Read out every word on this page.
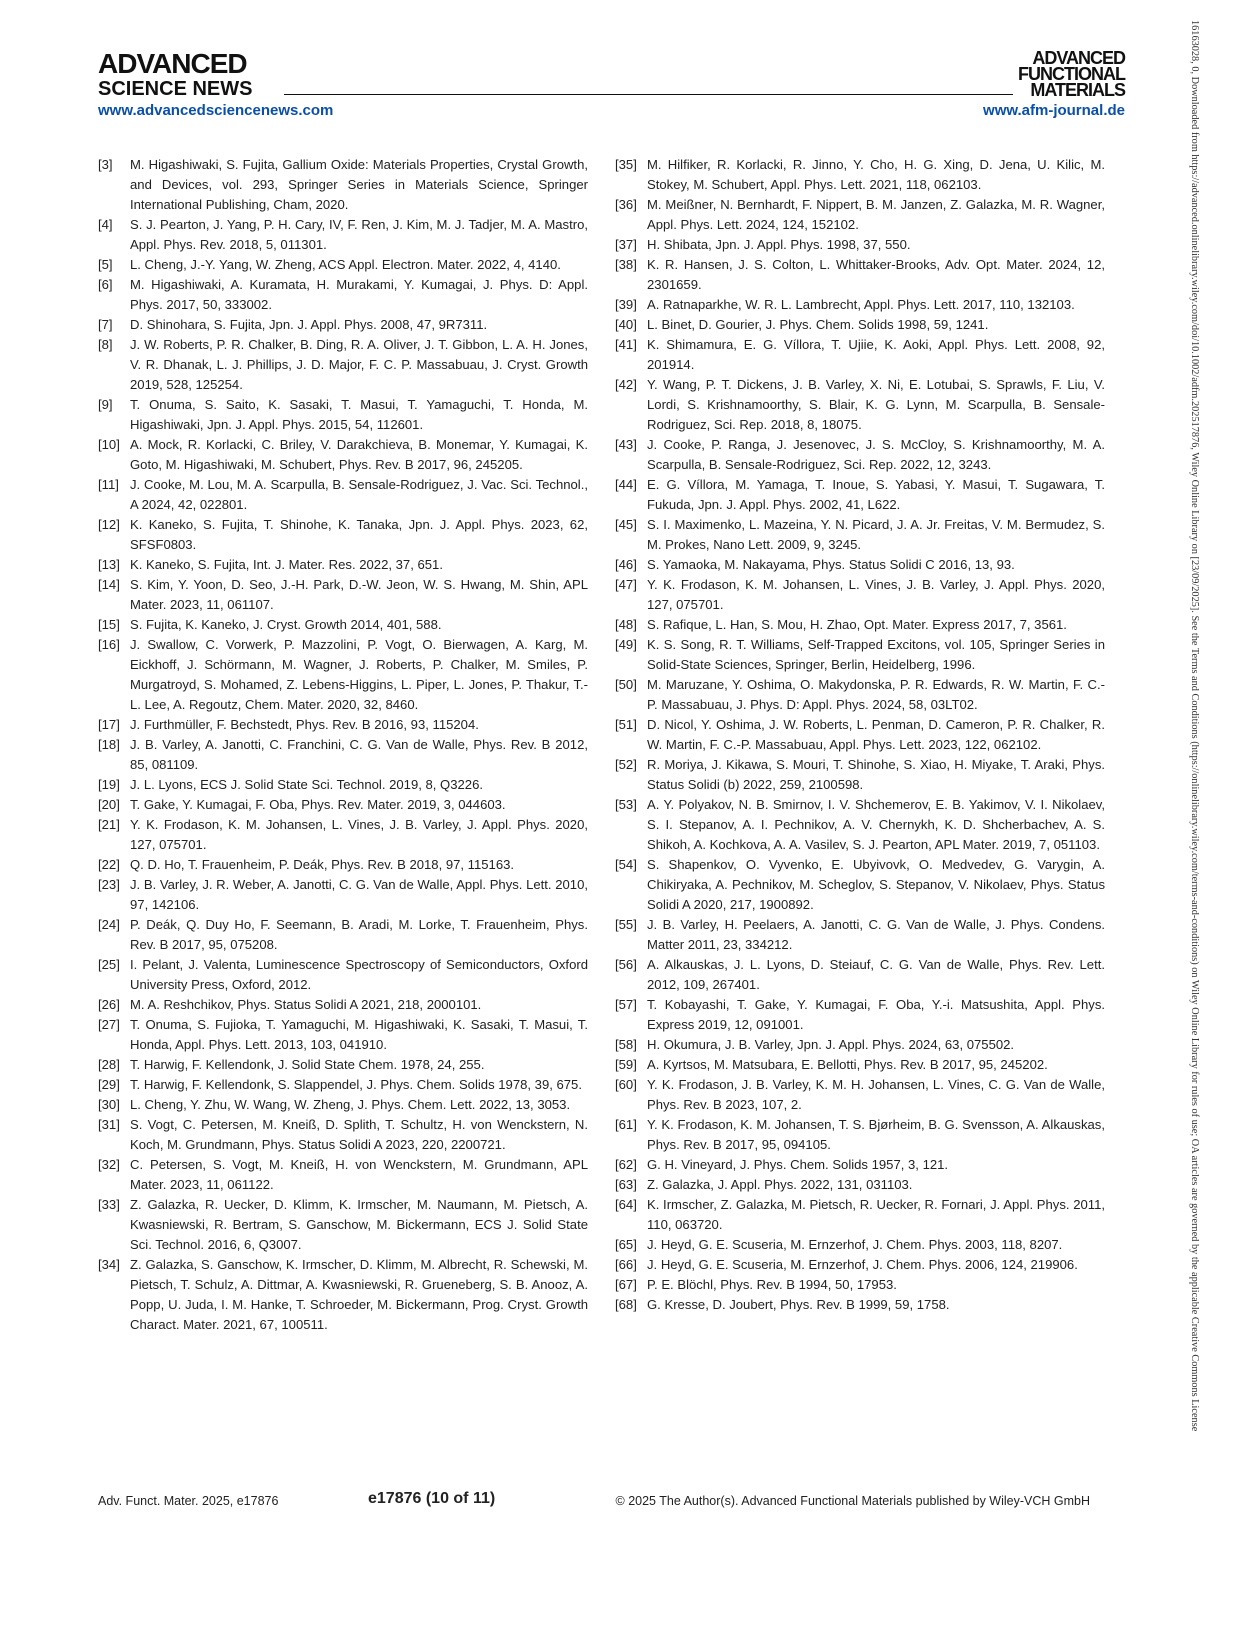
ADVANCED
SCIENCE NEWS
ADVANCED
FUNCTIONAL
MATERIALS
www.advancedsciencenews.com	www.afm-journal.de

[3] M. Higashiwaki, S. Fujita, Gallium Oxide: Materials Properties, Crystal Growth, and Devices, vol. 293, Springer Series in Materials Science, Springer International Publishing, Cham, 2020.

[4] S. J. Pearton, J. Yang, P. H. Cary, IV, F. Ren, J. Kim, M. J. Tadjer, M. A. Mastro, Appl. Phys. Rev. 2018, 5, 011301.

[5] L. Cheng, J.-Y. Yang, W. Zheng, ACS Appl. Electron. Mater. 2022, 4, 4140.

[6] M. Higashiwaki, A. Kuramata, H. Murakami, Y. Kumagai, J. Phys. D: Appl. Phys. 2017, 50, 333002.

[7] D. Shinohara, S. Fujita, Jpn. J. Appl. Phys. 2008, 47, 9R7311.

[8] J. W. Roberts, P. R. Chalker, B. Ding, R. A. Oliver, J. T. Gibbon, L. A. H. Jones, V. R. Dhanak, L. J. Phillips, J. D. Major, F. C. P. Massabuau, J. Cryst. Growth 2019, 528, 125254.

[9] T. Onuma, S. Saito, K. Sasaki, T. Masui, T. Yamaguchi, T. Honda, M. Higashiwaki, Jpn. J. Appl. Phys. 2015, 54, 112601.

[10] A. Mock, R. Korlacki, C. Briley, V. Darakchieva, B. Monemar, Y. Kumagai, K. Goto, M. Higashiwaki, M. Schubert, Phys. Rev. B 2017, 96, 245205.

[11] J. Cooke, M. Lou, M. A. Scarpulla, B. Sensale-Rodriguez, J. Vac. Sci. Technol., A 2024, 42, 022801.

[12] K. Kaneko, S. Fujita, T. Shinohe, K. Tanaka, Jpn. J. Appl. Phys. 2023, 62, SFSF0803.

[13] K. Kaneko, S. Fujita, Int. J. Mater. Res. 2022, 37, 651.

[14] S. Kim, Y. Yoon, D. Seo, J.-H. Park, D.-W. Jeon, W. S. Hwang, M. Shin, APL Mater. 2023, 11, 061107.

[15] S. Fujita, K. Kaneko, J. Cryst. Growth 2014, 401, 588.

[16] J. Swallow, C. Vorwerk, P. Mazzolini, P. Vogt, O. Bierwagen, A. Karg, M. Eickhoff, J. Schörmann, M. Wagner, J. Roberts, P. Chalker, M. Smiles, P. Murgatroyd, S. Mohamed, Z. Lebens-Higgins, L. Piper, L. Jones, P. Thakur, T.-L. Lee, A. Regoutz, Chem. Mater. 2020, 32, 8460.

[17] J. Furthmüller, F. Bechstedt, Phys. Rev. B 2016, 93, 115204.

[18] J. B. Varley, A. Janotti, C. Franchini, C. G. Van de Walle, Phys. Rev. B 2012, 85, 081109.

[19] J. L. Lyons, ECS J. Solid State Sci. Technol. 2019, 8, Q3226.

[20] T. Gake, Y. Kumagai, F. Oba, Phys. Rev. Mater. 2019, 3, 044603.

[21] Y. K. Frodason, K. M. Johansen, L. Vines, J. B. Varley, J. Appl. Phys. 2020, 127, 075701.

[22] Q. D. Ho, T. Frauenheim, P. Deák, Phys. Rev. B 2018, 97, 115163.

[23] J. B. Varley, J. R. Weber, A. Janotti, C. G. Van de Walle, Appl. Phys. Lett. 2010, 97, 142106.

[24] P. Deák, Q. Duy Ho, F. Seemann, B. Aradi, M. Lorke, T. Frauenheim, Phys. Rev. B 2017, 95, 075208.

[25] I. Pelant, J. Valenta, Luminescence Spectroscopy of Semiconductors, Oxford University Press, Oxford, 2012.

[26] M. A. Reshchikov, Phys. Status Solidi A 2021, 218, 2000101.

[27] T. Onuma, S. Fujioka, T. Yamaguchi, M. Higashiwaki, K. Sasaki, T. Masui, T. Honda, Appl. Phys. Lett. 2013, 103, 041910.

[28] T. Harwig, F. Kellendonk, J. Solid State Chem. 1978, 24, 255.

[29] T. Harwig, F. Kellendonk, S. Slappendel, J. Phys. Chem. Solids 1978, 39, 675.

[30] L. Cheng, Y. Zhu, W. Wang, W. Zheng, J. Phys. Chem. Lett. 2022, 13, 3053.

[31] S. Vogt, C. Petersen, M. Kneiß, D. Splith, T. Schultz, H. von Wenckstern, N. Koch, M. Grundmann, Phys. Status Solidi A 2023, 220, 2200721.

[32] C. Petersen, S. Vogt, M. Kneiß, H. von Wenckstern, M. Grundmann, APL Mater. 2023, 11, 061122.

[33] Z. Galazka, R. Uecker, D. Klimm, K. Irmscher, M. Naumann, M. Pietsch, A. Kwasniewski, R. Bertram, S. Ganschow, M. Bickermann, ECS J. Solid State Sci. Technol. 2016, 6, Q3007.

[34] Z. Galazka, S. Ganschow, K. Irmscher, D. Klimm, M. Albrecht, R. Schewski, M. Pietsch, T. Schulz, A. Dittmar, A. Kwasniewski, R. Grueneberg, S. B. Anooz, A. Popp, U. Juda, I. M. Hanke, T. Schroeder, M. Bickermann, Prog. Cryst. Growth Charact. Mater. 2021, 67, 100511.

[35] M. Hilfiker, R. Korlacki, R. Jinno, Y. Cho, H. G. Xing, D. Jena, U. Kilic, M. Stokey, M. Schubert, Appl. Phys. Lett. 2021, 118, 062103.

[36] M. Meißner, N. Bernhardt, F. Nippert, B. M. Janzen, Z. Galazka, M. R. Wagner, Appl. Phys. Lett. 2024, 124, 152102.

[37] H. Shibata, Jpn. J. Appl. Phys. 1998, 37, 550.

[38] K. R. Hansen, J. S. Colton, L. Whittaker-Brooks, Adv. Opt. Mater. 2024, 12, 2301659.

[39] A. Ratnaparkhe, W. R. L. Lambrecht, Appl. Phys. Lett. 2017, 110, 132103.

[40] L. Binet, D. Gourier, J. Phys. Chem. Solids 1998, 59, 1241.

[41] K. Shimamura, E. G. Víllora, T. Ujiie, K. Aoki, Appl. Phys. Lett. 2008, 92, 201914.

[42] Y. Wang, P. T. Dickens, J. B. Varley, X. Ni, E. Lotubai, S. Sprawls, F. Liu, V. Lordi, S. Krishnamoorthy, S. Blair, K. G. Lynn, M. Scarpulla, B. Sensale-Rodriguez, Sci. Rep. 2018, 8, 18075.

[43] J. Cooke, P. Ranga, J. Jesenovec, J. S. McCloy, S. Krishnamoorthy, M. A. Scarpulla, B. Sensale-Rodriguez, Sci. Rep. 2022, 12, 3243.

[44] E. G. Víllora, M. Yamaga, T. Inoue, S. Yabasi, Y. Masui, T. Sugawara, T. Fukuda, Jpn. J. Appl. Phys. 2002, 41, L622.

[45] S. I. Maximenko, L. Mazeina, Y. N. Picard, J. A. Jr. Freitas, V. M. Bermudez, S. M. Prokes, Nano Lett. 2009, 9, 3245.

[46] S. Yamaoka, M. Nakayama, Phys. Status Solidi C 2016, 13, 93.

[47] Y. K. Frodason, K. M. Johansen, L. Vines, J. B. Varley, J. Appl. Phys. 2020, 127, 075701.

[48] S. Rafique, L. Han, S. Mou, H. Zhao, Opt. Mater. Express 2017, 7, 3561.

[49] K. S. Song, R. T. Williams, Self-Trapped Excitons, vol. 105, Springer Series in Solid-State Sciences, Springer, Berlin, Heidelberg, 1996.

[50] M. Maruzane, Y. Oshima, O. Makydonska, P. R. Edwards, R. W. Martin, F. C.-P. Massabuau, J. Phys. D: Appl. Phys. 2024, 58, 03LT02.

[51] D. Nicol, Y. Oshima, J. W. Roberts, L. Penman, D. Cameron, P. R. Chalker, R. W. Martin, F. C.-P. Massabuau, Appl. Phys. Lett. 2023, 122, 062102.

[52] R. Moriya, J. Kikawa, S. Mouri, T. Shinohe, S. Xiao, H. Miyake, T. Araki, Phys. Status Solidi (b) 2022, 259, 2100598.

[53] A. Y. Polyakov, N. B. Smirnov, I. V. Shchemerov, E. B. Yakimov, V. I. Nikolaev, S. I. Stepanov, A. I. Pechnikov, A. V. Chernykh, K. D. Shcherbachev, A. S. Shikoh, A. Kochkova, A. A. Vasilev, S. J. Pearton, APL Mater. 2019, 7, 051103.

[54] S. Shapenkov, O. Vyvenko, E. Ubyivovk, O. Medvedev, G. Varygin, A. Chikiryaka, A. Pechnikov, M. Scheglov, S. Stepanov, V. Nikolaev, Phys. Status Solidi A 2020, 217, 1900892.

[55] J. B. Varley, H. Peelaers, A. Janotti, C. G. Van de Walle, J. Phys. Condens. Matter 2011, 23, 334212.

[56] A. Alkauskas, J. L. Lyons, D. Steiauf, C. G. Van de Walle, Phys. Rev. Lett. 2012, 109, 267401.

[57] T. Kobayashi, T. Gake, Y. Kumagai, F. Oba, Y.-i. Matsushita, Appl. Phys. Express 2019, 12, 091001.

[58] H. Okumura, J. B. Varley, Jpn. J. Appl. Phys. 2024, 63, 075502.

[59] A. Kyrtsos, M. Matsubara, E. Bellotti, Phys. Rev. B 2017, 95, 245202.

[60] Y. K. Frodason, J. B. Varley, K. M. H. Johansen, L. Vines, C. G. Van de Walle, Phys. Rev. B 2023, 107, 2.

[61] Y. K. Frodason, K. M. Johansen, T. S. Bjørheim, B. G. Svensson, A. Alkauskas, Phys. Rev. B 2017, 95, 094105.

[62] G. H. Vineyard, J. Phys. Chem. Solids 1957, 3, 121.

[63] Z. Galazka, J. Appl. Phys. 2022, 131, 031103.

[64] K. Irmscher, Z. Galazka, M. Pietsch, R. Uecker, R. Fornari, J. Appl. Phys. 2011, 110, 063720.

[65] J. Heyd, G. E. Scuseria, M. Ernzerhof, J. Chem. Phys. 2003, 118, 8207.

[66] J. Heyd, G. E. Scuseria, M. Ernzerhof, J. Chem. Phys. 2006, 124, 219906.

[67] P. E. Blöchl, Phys. Rev. B 1994, 50, 17953.

[68] G. Kresse, D. Joubert, Phys. Rev. B 1999, 59, 1758.	16163028, 0, Downloaded from https://advanced.onlinelibrary.wiley.com/doi/10.1002/adfm.202517876, Wiley Online Library on [23/09/2025]. See the Terms and Conditions (https://onlinelibrary.wiley.com/terms-and-conditions) on Wiley Online Library for rules of use; OA articles are governed by the applicable Creative Commons License
Adv. Funct. Mater. 2025, e17876	e17876 (10 of 11)	© 2025 The Author(s). Advanced Functional Materials published by Wiley-VCH GmbH
